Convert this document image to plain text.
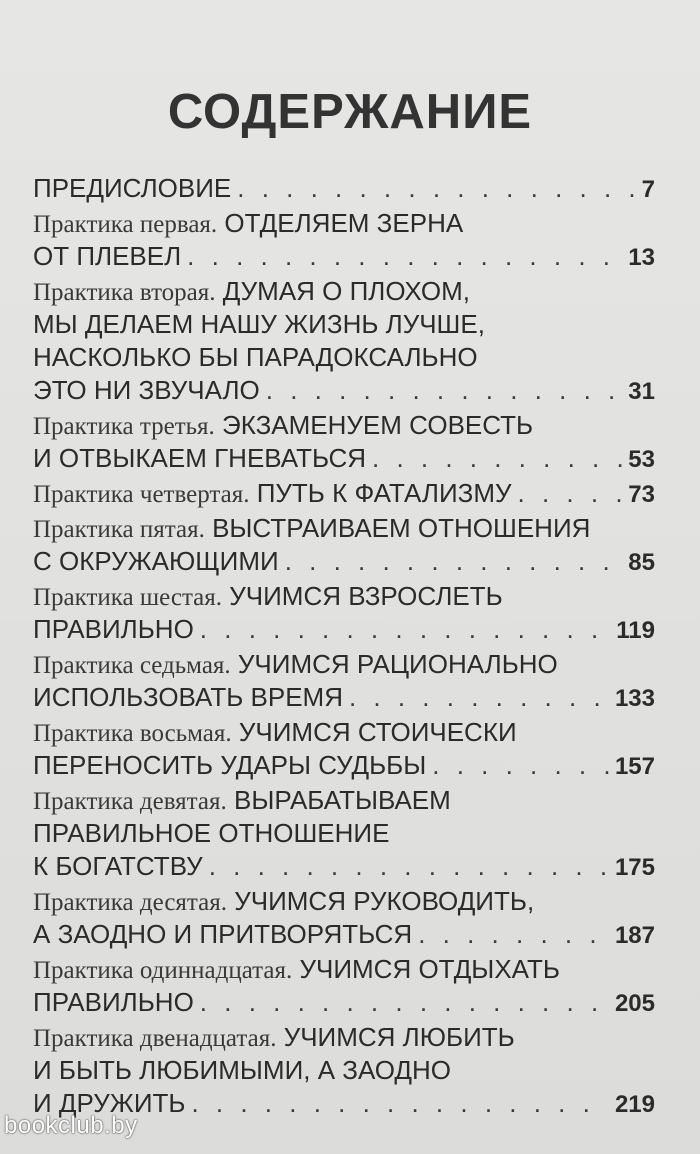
СОДЕРЖАНИЕ
ПРЕДИСЛОВИЕ . . .	7
Практика первая. ОТДЕЛЯЕМ ЗЕРНА
ОТ ПЛЕВЕЛ . . .	13
Практика вторая. ДУМАЯ О ПЛОХОМ,
МЫ ДЕЛАЕМ НАШУ ЖИЗНЬ ЛУЧШЕ,
НАСКОЛЬКО БЫ ПАРАДОКСАЛЬНО
ЭТО НИ ЗВУЧАЛО . . .	31
Практика третья. ЭКЗАМЕНУЕМ СОВЕСТЬ
И ОТВЫКАЕМ ГНЕВАТЬСЯ . . .	53
Практика четвертая. ПУТЬ К ФАТАЛИЗМУ . . .	73
Практика пятая. ВЫСТРАИВАЕМ ОТНОШЕНИЯ
С ОКРУЖАЮЩИМИ . . .	85
Практика шестая. УЧИМСЯ ВЗРОСЛЕТЬ
ПРАВИЛЬНО . . .	119
Практика седьмая. УЧИМСЯ РАЦИОНАЛЬНО
ИСПОЛЬЗОВАТЬ ВРЕМЯ . . .	133
Практика восьмая. УЧИМСЯ СТОИЧЕСКИ
ПЕРЕНОСИТЬ УДАРЫ СУДЬБЫ . . .	157
Практика девятая. ВЫРАБАТЫВАЕМ
ПРАВИЛЬНОЕ ОТНОШЕНИЕ
К БОГАТСТВУ . . .	175
Практика десятая. УЧИМСЯ РУКОВОДИТЬ,
А ЗАОДНО И ПРИТВОРЯТЬСЯ . . .	187
Практика одиннадцатая. УЧИМСЯ ОТДЫХАТЬ
ПРАВИЛЬНО . . .	205
Практика двенадцатая. УЧИМСЯ ЛЮБИТЬ
И БЫТЬ ЛЮБИМЫМИ, А ЗАОДНО
И ДРУЖИТЬ . . .	219
bookclub.by
